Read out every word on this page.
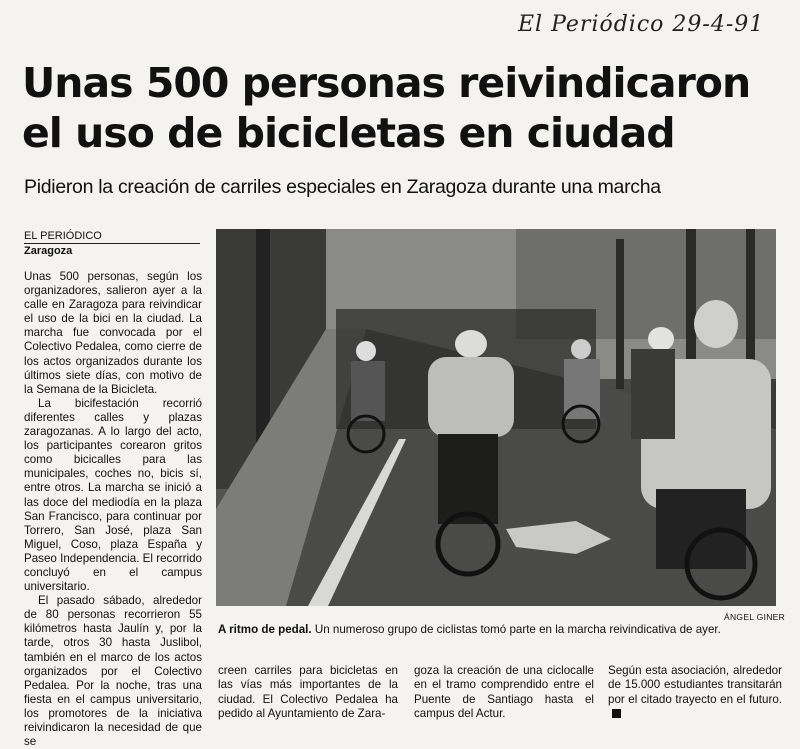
El Periódico 29-4-91
Unas 500 personas reivindicaron el uso de bicicletas en ciudad
Pidieron la creación de carriles especiales en Zaragoza durante una marcha
EL PERIÓDICO
Zaragoza

Unas 500 personas, según los organizadores, salieron ayer a la calle en Zaragoza para reivindicar el uso de la bici en la ciudad. La marcha fue convocada por el Colectivo Pedalea, como cierre de los actos organizados durante los últimos siete días, con motivo de la Semana de la Bicicleta.

La bicifestación recorrió diferentes calles y plazas zaragozanas. A lo largo del acto, los participantes corearon gritos como bicicalles para las municipales, coches no, bicis sí, entre otros. La marcha se inició a las doce del mediodía en la plaza San Francisco, para continuar por Torrero, San José, plaza San Miguel, Coso, plaza España y Paseo Independencia. El recorrido concluyó en el campus universitario.

El pasado sábado, alrededor de 80 personas recorrieron 55 kilómetros hasta Jaulín y, por la tarde, otros 30 hasta Juslibol, también en el marco de los actos organizados por el Colectivo Pedalea. Por la noche, tras una fiesta en el campus universitario, los promotores de la iniciativa reivindicaron la necesidad de que se

ÁNGEL GINER
A ritmo de pedal. Un numeroso grupo de ciclistas tomó parte en la marcha reivindicativa de ayer.

creen carriles para bicicletas en las vías más importantes de la ciudad. El Colectivo Pedalea ha pedido al Ayuntamiento de Zara-

goza la creación de una ciclocalle en el tramo comprendido entre el Puente de Santiago hasta el campus del Actur.

Según esta asociación, alrededor de 15.000 estudiantes transitarán por el citado trayecto en el futuro.
